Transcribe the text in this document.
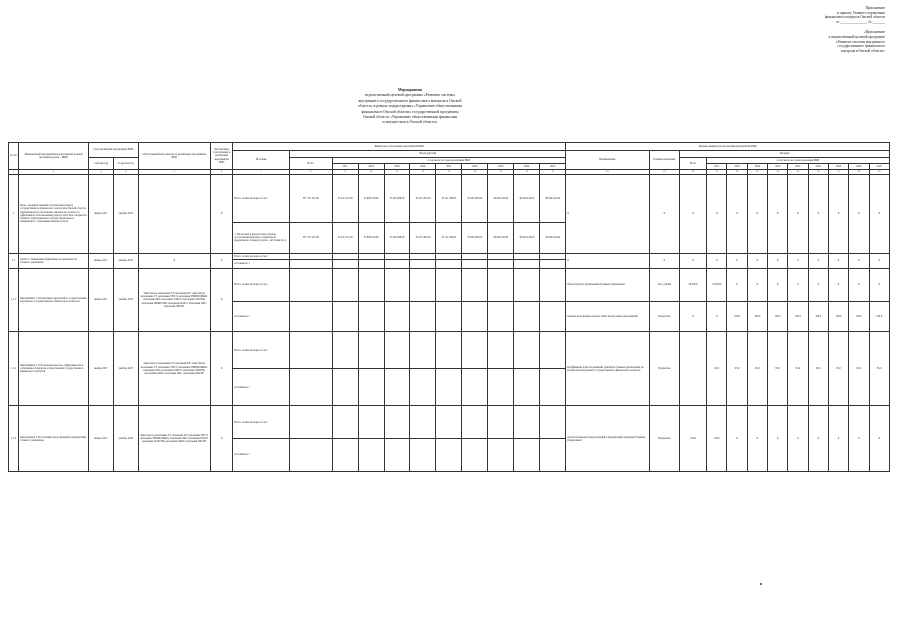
Приложение
к приказу Главного управления
финансового контроля Омской области
от _______________ № _______
«Приложение
к ведомственной целевой программе
«Развитие системы внутреннего
государственного финансового
контроля в Омской области»
Мероприятия
ведомственной целевой программы «Развитие системы
внутреннего государственного финансового контроля в Омской
области» в рамках подпрограммы «Управление общественными
финансами в Омской области» государственной программы
Омской области «Управление общественными финансами
и имуществом в Омской области»
№ п/п	Наименование мероприятия ведомственной целевой программы (далее – ВЦП)	Срок реализации мероприятия ВЦП		Ответственный исполнитель за реализацию мероприятия ВЦП	Организации, участвующие в реализации мероприятия ВЦП	Финансовое обеспечение мероприятия ВЦП											Целевые индикаторы реализации мероприятия ВЦП											
						Источник	Объем (рублей)										Наименование	Единица измерения	Значение									
		с (месяц/год)	по (месяц/год)				Всего	в том числе по годам реализации ВЦП											Всего	в том числе по годам реализации ВЦП								
								2017	2018	2019	2020	2021	2022	2023	2024	2025				2017	2018	2019	2020	2021	2022	2023	2024	2025
1	2	3	4	5	6	7	8	9	10	11	12	13	14	15	16	17	18	19	20	21	22	23	24	25	26	27	28	29
1	Цель: совершенствование системы внутреннего государственного финансового контроля в Омской области, направленной на обеспечение законности, целевого и эффективного использования средств областного бюджета и бюджета территориального фонда обязательного медицинского страхования Омской области	январь 2017	декабрь 2025		Х	Всего, из них расходы за счет:	337 702 147,00	33 247 217,00	35 809 076,00	37 492 828,00	35 457 367,00	35 111 268,00	35 905 903,00	38 049 416,00	38 049 416,00	38 049 416,00	Х	Х	Х	Х	Х	Х	Х	Х	Х	Х	Х	Х
						1. Налоговых и неналоговых доходов, поступлений нецелевого характера из федерального бюджета (далее – источник № 1)	337 702 147,00	33 247 217,00	35 809 076,00	37 492 828,00	35 457 367,00	35 111 268,00	35 905 903,00	38 049 416,00	38 049 416,00	38 049 416,00												
1.1	Задача 1. Повышение эффективности деятельности Главного управления	январь 2017	декабрь 2025	Х	Х	Всего, из них расходы за счет:											Х	Х	Х	Х	Х	Х	Х	Х	Х	Х	Х	Х
						источник № 1																						
1.1.1	Мероприятие 1. Реализация полномочий по осуществлению внутреннего государственного финансового контроля	январь 2017	декабрь 2025	Заместитель начальника ГУ, начальник КУ, заместитель начальника ГУ, начальник УИСЭ, начальник УФИМСФБиО, начальник ОКЗ, начальник ОЗиГУ, начальник ОЭиУПБ, начальник ОФКОУПФ, начальник ОАК Т, начальник ОКС, начальник ОКСИГ	Х	Всего, из них расходы за счет:											Объем средств, проверенный Главным управлением	Тыс. рублей	30 005,0	18 000,0	Х	Х	Х	Х	Х	Х	Х	Х
						источник № 1											Уровень исполнения годового плана контрольных мероприятий	Процентов	Х	Х	100,0	100,0	100,0	100,0	100,0	100,0	100,0	100,0
1.1.2	Мероприятие 2. Обеспечение качества, эффективности и соблюдения стандартов осуществления государственного финансового контроля	январь 2017	декабрь 2025	Заместитель начальника ГУ, начальник КУ, заместитель начальника ГУ, начальник УИСЭ, начальник УФИМСФБиО, начальник ОКЗ, начальник ОЗиГУ, начальник ОЭиУПБ, начальник ОАКТ, начальник ОКС, начальник ОКСИГ	Х	Всего, из них расходы за счет:											Коэффициент качества решений, принятых Главным управлением по результатам внутреннего государственного финансового контроля	Процентов		95,0	95,0	95,0	95,0	95,0	95,0	95,0	95,0	95,0
						источник № 1																						
1.1.3	Мероприятие 3. Исполнение представлений и предписаний Главного управления	январь 2017	декабрь 2018	Заместитель начальника ГУ, начальник КУ, начальник УИСЭ, начальник УФИМСФБиО, начальник ОКЗ, начальник ОЗиГУ, начальник ОЭиУПБ, начальник ОАКТ, начальник ОКСИГ	Х	Всего, из них расходы за счет:											Доля исполненных представлений и предписаний, выданных Главным управлением	Процентов	100,0	100,0	Х	Х	Х	Х	Х	Х	Х	Х
						источник № 1																						
